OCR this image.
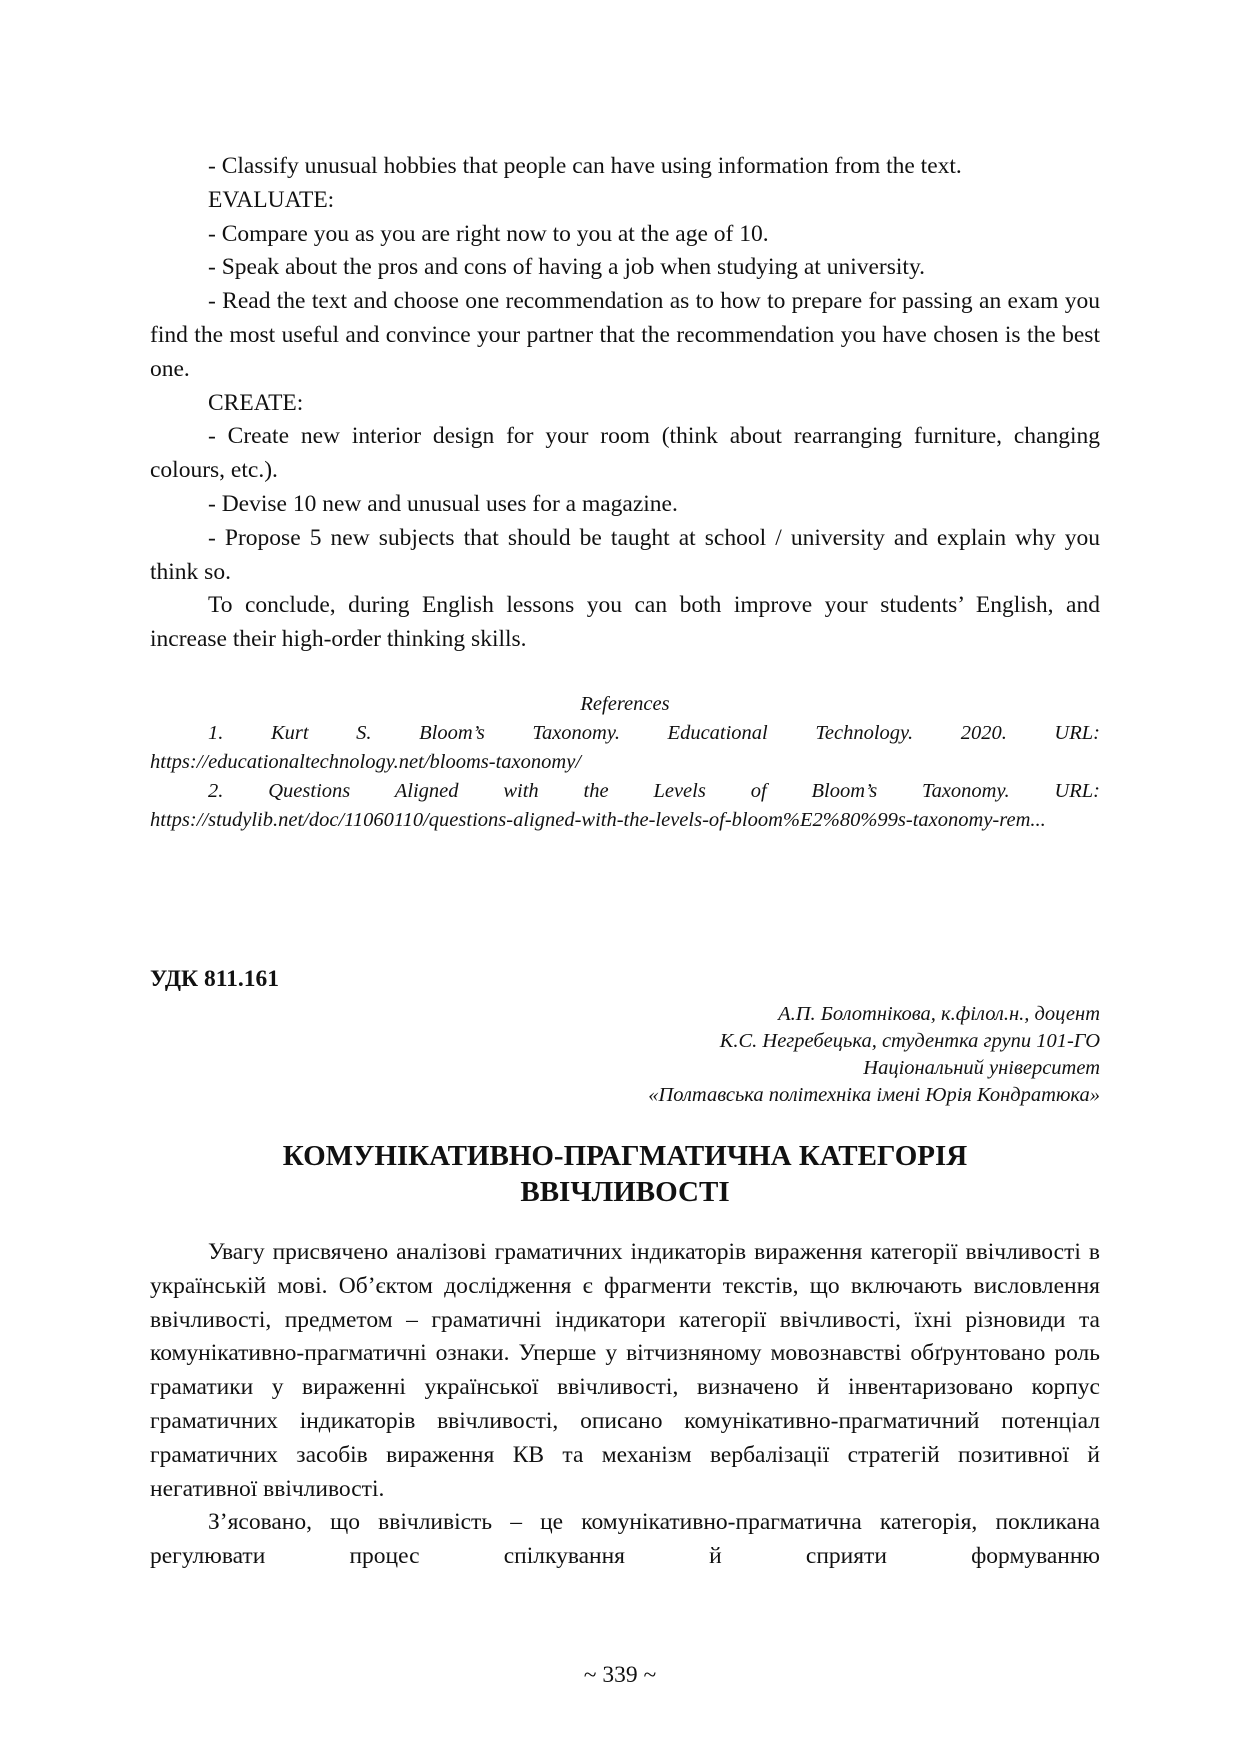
- Classify unusual hobbies that people can have using information from the text.

EVALUATE:

- Compare you as you are right now to you at the age of 10.

- Speak about the pros and cons of having a job when studying at university.

- Read the text and choose one recommendation as to how to prepare for passing an exam you find the most useful and convince your partner that the recommendation you have chosen is the best one.

CREATE:

- Create new interior design for your room (think about rearranging furniture, changing colours, etc.).

- Devise 10 new and unusual uses for a magazine.

- Propose 5 new subjects that should be taught at school / university and explain why you think so.

To conclude, during English lessons you can both improve your students’ English, and increase their high-order thinking skills.

References

1. Kurt S. Bloom’s Taxonomy. Educational Technology. 2020. URL: https://educationaltechnology.net/blooms-taxonomy/

2. Questions Aligned with the Levels of Bloom’s Taxonomy. URL: https://studylib.net/doc/11060110/questions-aligned-with-the-levels-of-bloom%E2%80%99s-taxonomy-rem...

УДК 811.161
А.П. Болотнікова, к.філол.н., доцент
К.С. Негребецька, студентка групи 101-ГО
Національний університет
«Полтавська політехніка імені Юрія Кондратюка»
КОМУНІКАТИВНО-ПРАГМАТИЧНА КАТЕГОРІЯ
ВВІЧЛИВОСТІ

Увагу присвячено аналізові граматичних індикаторів вираження категорії ввічливості в українській мові. Об’єктом дослідження є фрагменти текстів, що включають висловлення ввічливості, предметом – граматичні індикатори категорії ввічливості, їхні різновиди та комунікативно-прагматичні ознаки. Уперше у вітчизняному мовознавстві обґрунтовано роль граматики у вираженні української ввічливості, визначено й інвентаризовано корпус граматичних індикаторів ввічливості, описано комунікативно-прагматичний потенціал граматичних засобів вираження КВ та механізм вербалізації стратегій позитивної й негативної ввічливості.

З’ясовано, що ввічливість – це комунікативно-прагматична категорія, покликана регулювати процес спілкування й сприяти формуванню

~ 339 ~
